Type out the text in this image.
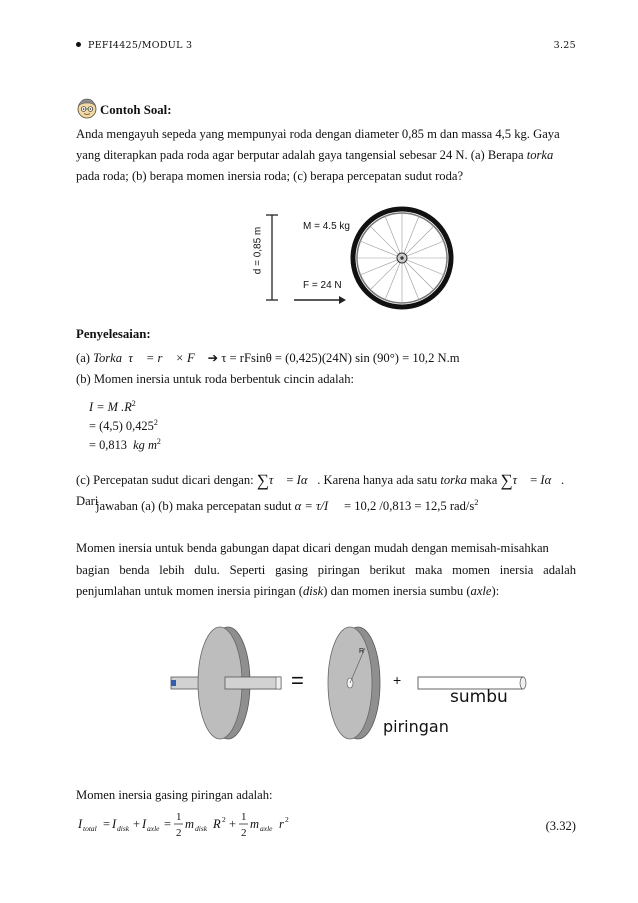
PEFI4425/MODUL 3	3.25
Contoh Soal:
Anda mengayuh sepeda yang mempunyai roda dengan diameter 0,85 m dan massa 4,5 kg. Gaya
yang diterapkan pada roda agar berputar adalah gaya tangensial sebesar 24 N. (a) Berapa torka
pada roda; (b) berapa momen inersia roda; (c) berapa percepatan sudut roda?
d = 0,85 m
M = 4.5 kg
F = 24 N
Penyelesaian:
(a) Torka  τ⃗ = r⃗ × F⃗ ➔ τ = rFsinθ = (0,425)(24N) sin (90°) = 10,2 N.m
(b) Momen inersia untuk roda berbentuk cincin adalah:
I = M $.R^2$
= (4,5) $0,425^2$
= 0,813 kg $m^2$
(c) Percepatan sudut dicari dengan: ∑τ⃗ = Iα⃗. Karena hanya ada satu torka maka ∑τ⃗ = Iα⃗. Dari
jawaban (a) (b) maka percepatan sudut α = τ/I = 10,2 /0,813 = 12,5 rad/$s^2$
Momen inersia untuk benda gabungan dapat dicari dengan mudah dengan memisah-misahkan
bagian benda lebih dulu. Seperti gasing piringan berikut maka momen inersia adalah
penjumlahan untuk momen inersia piringan (disk) dan momen inersia sumbu (axle):
=	+
R
sumbu
piringan
Momen inersia gasing piringan adalah:
I total = I disk + I axle = 1
2
m disk R 2 + 1
2
m axle r 2	(3.32)
